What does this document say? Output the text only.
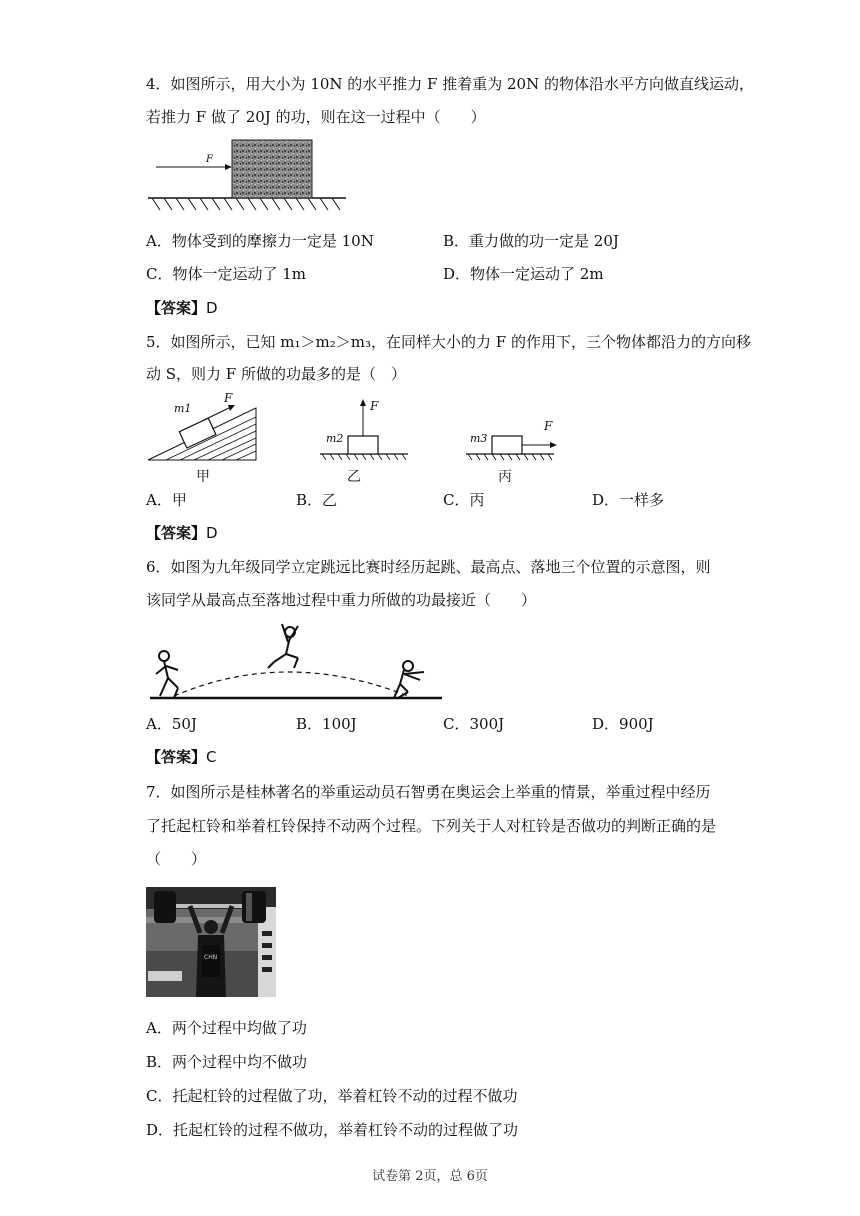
4．如图所示，用大小为 10N 的水平推力 F 推着重为 20N 的物体沿水平方向做直线运动，
若推力 F 做了 20J 的功，则在这一过程中（　　）
F
A．物体受到的摩擦力一定是 10N	B．重力做的功一定是 20J
C．物体一定运动了 1m	D．物体一定运动了 2m
【答案】D
5．如图所示，已知 m₁＞m₂＞m₃，在同样大小的力 F 的作用下，三个物体都沿力的方向移
动 S，则力 F 所做的功最多的是（　）
m1
F
甲
m2
F
乙
m3
F
丙
A．甲	B．乙	C．丙	D．一样多
【答案】D
6．如图为九年级同学立定跳远比赛时经历起跳、最高点、落地三个位置的示意图，则
该同学从最高点至落地过程中重力所做的功最接近（　　）
A．50J	B．100J	C．300J	D．900J
【答案】C
7．如图所示是桂林著名的举重运动员石智勇在奥运会上举重的情景，举重过程中经历
了托起杠铃和举着杠铃保持不动两个过程。下列关于人对杠铃是否做功的判断正确的是
（　　）
CHN
A．两个过程中均做了功
B．两个过程中均不做功
C．托起杠铃的过程做了功，举着杠铃不动的过程不做功
D．托起杠铃的过程不做功，举着杠铃不动的过程做了功
试卷第 2页，总 6页
